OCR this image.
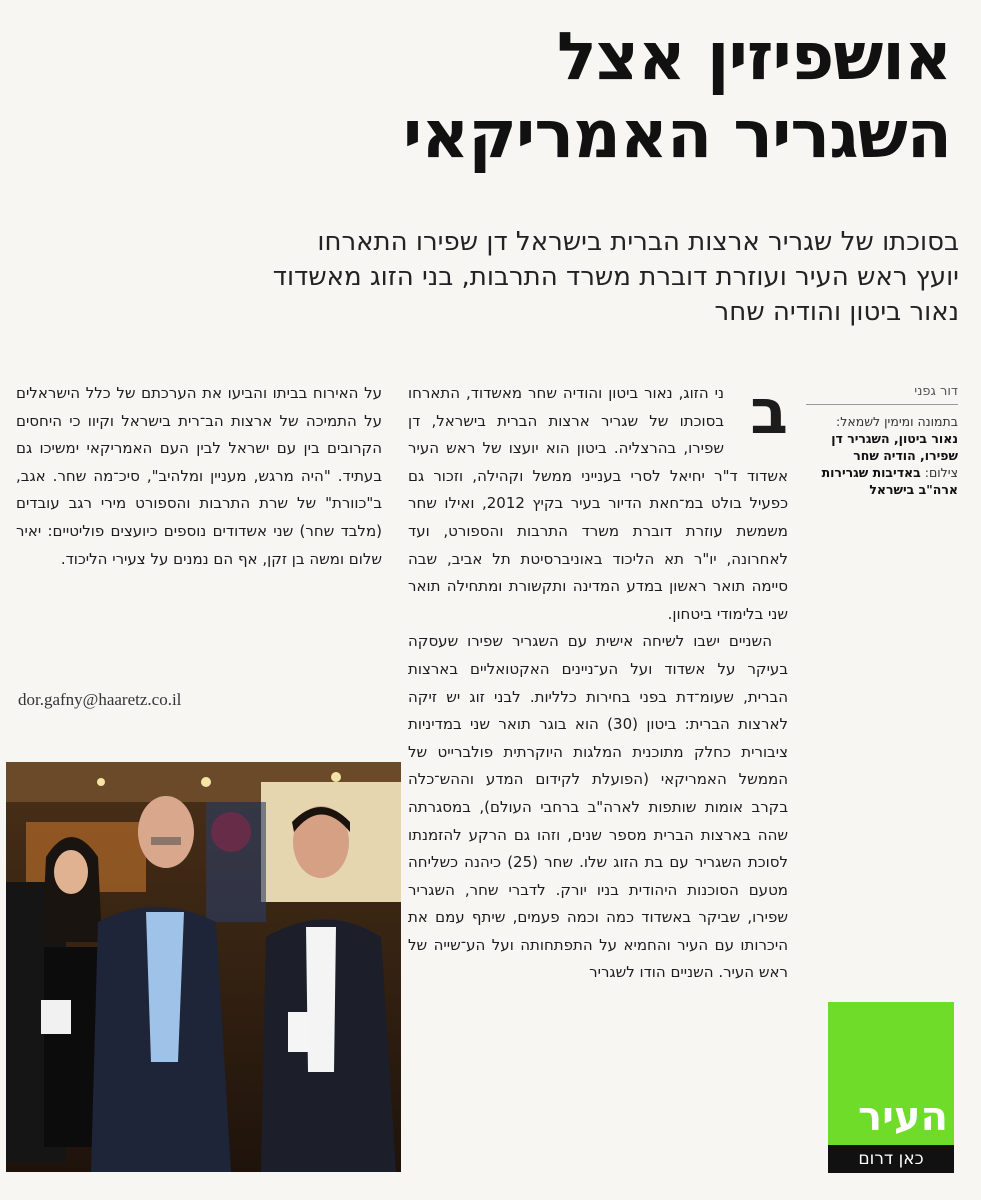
אושפיזין אצל
השגריר האמריקאי
בסוכתו של שגריר ארצות הברית בישראל דן שפירו התארחו
יועץ ראש העיר ועוזרת דוברת משרד התרבות, בני הזוג מאשדוד
נאור ביטון והודיה שחר
דור גפני
בתמונה ומימין לשמאל: נאור ביטון, השגריר דן שפירו, הודיה שחר
צילום: באדיבות שגרירות ארה"ב בישראל
ב

ני הזוג, נאור ביטון והודיה שחר מאשדוד, התארחו בסוכתו של שגריר ארצות הברית בישראל, דן שפירו, בהרצליה. ביטון הוא יועצו של ראש העיר אשדוד ד"ר יחיאל לסרי בענייני ממשל וקהילה, וזכור גם כפעיל בולט במ־חאת הדיור בעיר בקיץ 2012, ואילו שחר משמשת עוזרת דוברת משרד התרבות והספורט, ועד לאחרונה, יו"ר תא הליכוד באוניברסיטת תל אביב, שבה סיימה תואר ראשון במדע המדינה ותקשורת ומתחילה תואר שני בלימודי ביטחון.

השניים ישבו לשיחה אישית עם השגריר שפירו שעסקה בעיקר על אשדוד ועל הע־ניינים האקטואליים בארצות הברית, שעומ־דת בפני בחירות כלליות. לבני זוג יש זיקה לארצות הברית: ביטון (30) הוא בוגר תואר שני במדיניות ציבורית כחלק מתוכנית המלגות היוקרתית פולברייט של הממשל האמריקאי (הפועלת לקידום המדע וההש־כלה בקרב אומות שותפות לארה"ב ברחבי העולם), במסגרתה שהה בארצות הברית מספר שנים, וזהו גם הרקע להזמנתו לסוכת השגריר עם בת הזוג שלו. שחר (25) כיהנה כשליחה מטעם הסוכנות היהודית בניו יורק. לדברי שחר, השגריר שפירו, שביקר באשדוד כמה וכמה פעמים, שיתף עמם את היכרותו עם העיר והחמיא על התפתחותה ועל הע־שייה של ראש העיר. השניים הודו לשגריר

על האירוח בביתו והביעו את הערכתם של כלל הישראלים על התמיכה של ארצות הב־רית בישראל וקיוו כי היחסים הקרובים בין עם ישראל לבין העם האמריקאי ימשיכו גם בעתיד. "היה מרגש, מעניין ומלהיב", סיכ־מה שחר. אגב, ב"כוורת" של שרת התרבות והספורט מירי רגב עובדים (מלבד שחר) שני אשדודים נוספים כיועצים פוליטיים: יאיר שלום ומשה בן זקן, אף הם נמנים על צעירי הליכוד.

dor.gafny@haaretz.co.il
העיר
כאן דרום
